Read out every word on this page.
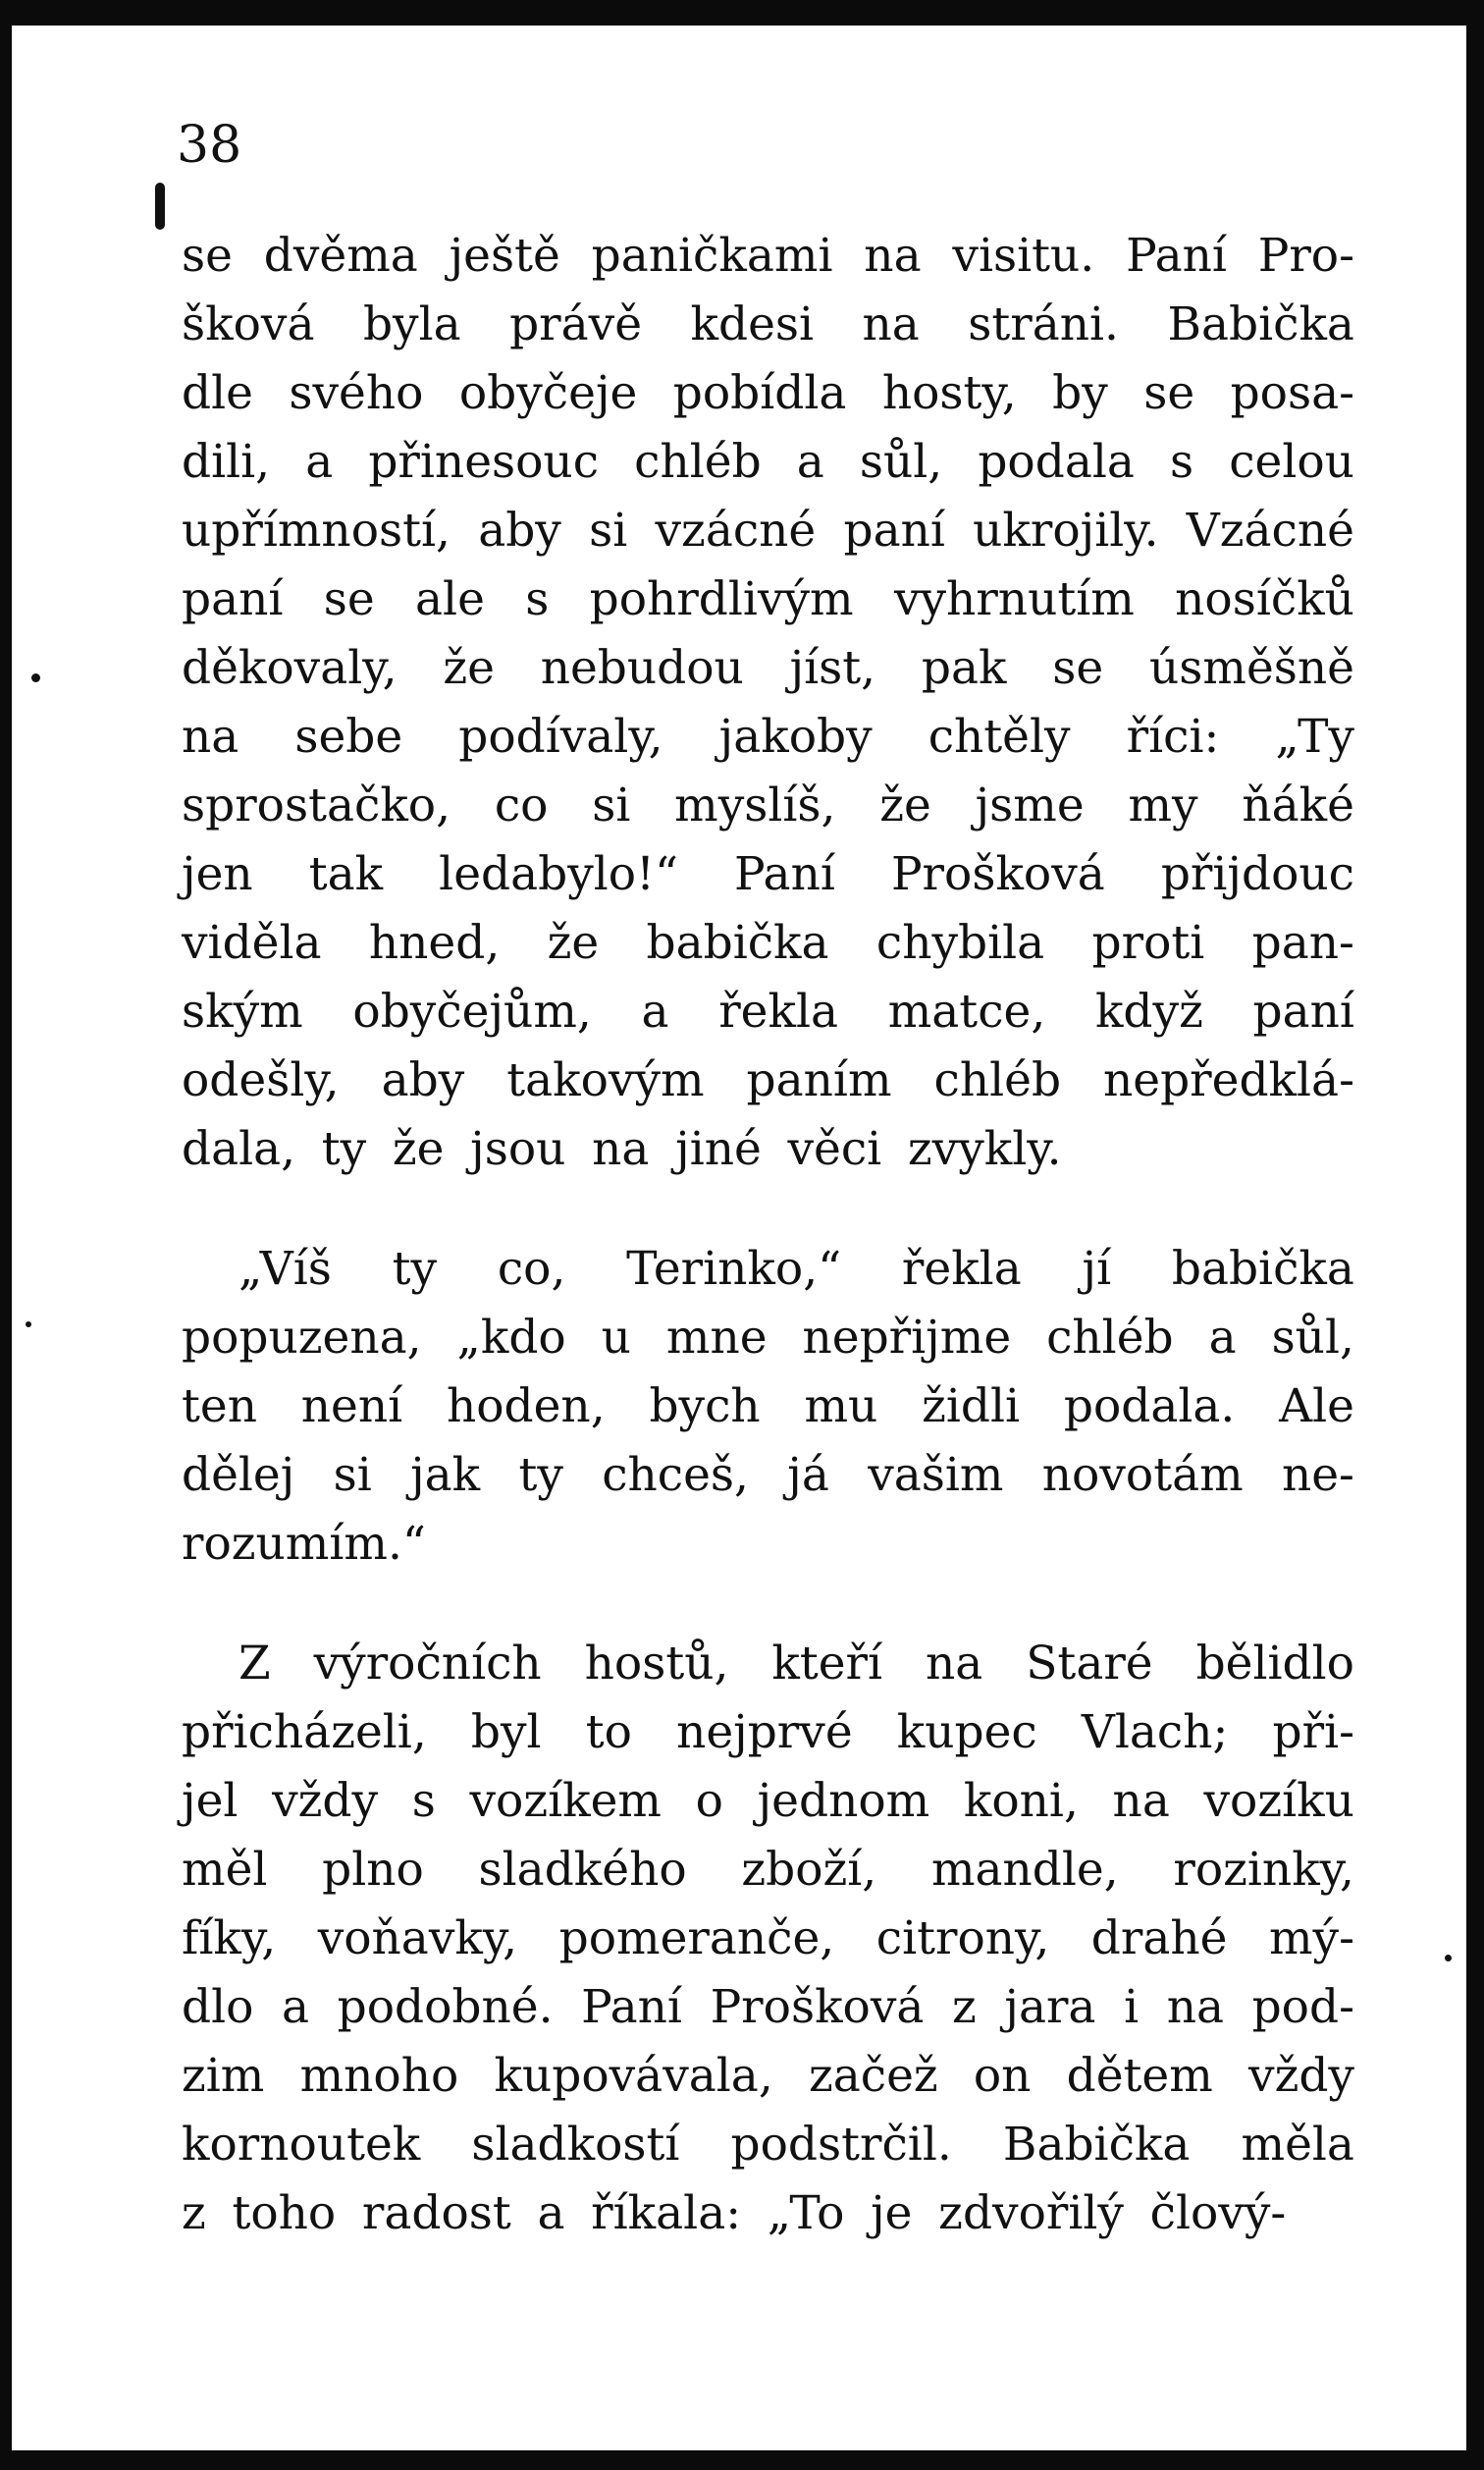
38

se dvěma ještě paničkami na visitu. Paní Pro-
šková byla právě kdesi na stráni. Babička
dle svého obyčeje pobídla hosty, by se posa-
dili, a přinesouc chléb a sůl, podala s celou
upřímností, aby si vzácné paní ukrojily. Vzácné
paní se ale s pohrdlivým vyhrnutím nosíčků
děkovaly, že nebudou jíst, pak se úsměšně
na sebe podívaly, jakoby chtěly říci: „Ty
sprostačko, co si myslíš, že jsme my ňáké
jen tak ledabylo!“ Paní Prošková přijdouc
viděla hned, že babička chybila proti pan-
ským obyčejům, a řekla matce, když paní
odešly, aby takovým paním chléb nepředklá-
dala, ty že jsou na jiné věci zvykly.
„Víš ty co, Terinko,“ řekla jí babička
popuzena, „kdo u mne nepřijme chléb a sůl,
ten není hoden, bych mu židli podala. Ale
dělej si jak ty chceš, já vašim novotám ne-
rozumím.“
Z výročních hostů, kteří na Staré bělidlo
přicházeli, byl to nejprvé kupec Vlach; při-
jel vždy s vozíkem o jednom koni, na vozíku
měl plno sladkého zboží, mandle, rozinky,
fíky, voňavky, pomeranče, citrony, drahé mý-
dlo a podobné. Paní Prošková z jara i na pod-
zim mnoho kupovávala, začež on dětem vždy
kornoutek sladkostí podstrčil. Babička měla
z toho radost a říkala: „To je zdvořilý člový-
